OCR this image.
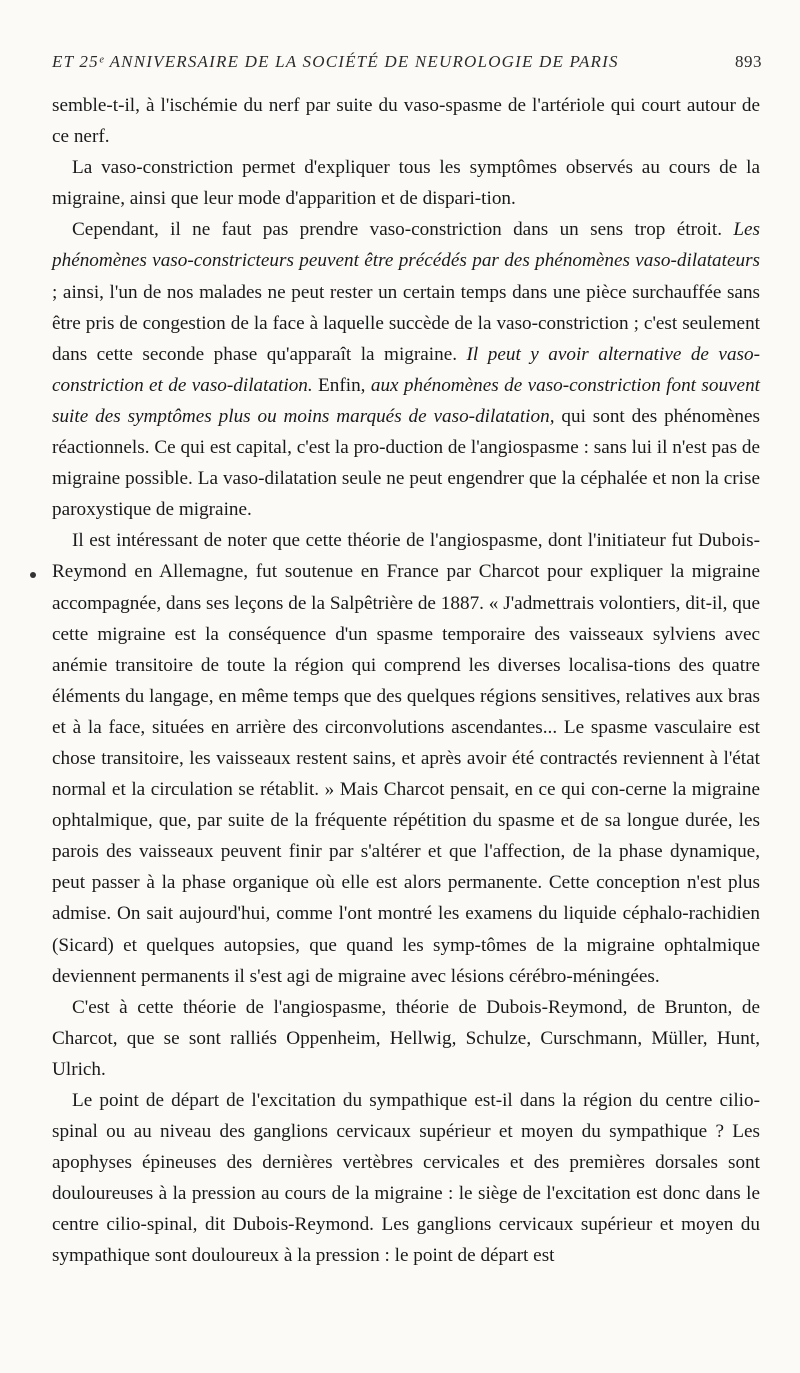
ET 25ᵉ ANNIVERSAIRE DE LA SOCIÉTÉ DE NEUROLOGIE DE PARIS	893

semble-t-il, à l'ischémie du nerf par suite du vaso-spasme de l'artériole qui court autour de ce nerf.

La vaso-constriction permet d'expliquer tous les symptômes observés au cours de la migraine, ainsi que leur mode d'apparition et de dispari-tion.

Cependant, il ne faut pas prendre vaso-constriction dans un sens trop étroit. Les phénomènes vaso-constricteurs peuvent être précédés par des phénomènes vaso-dilatateurs ; ainsi, l'un de nos malades ne peut rester un certain temps dans une pièce surchauffée sans être pris de congestion de la face à laquelle succède de la vaso-constriction ; c'est seulement dans cette seconde phase qu'apparaît la migraine. Il peut y avoir alternative de vaso-constriction et de vaso-dilatation. Enfin, aux phénomènes de vaso-constriction font souvent suite des symptômes plus ou moins marqués de vaso-dilatation, qui sont des phénomènes réactionnels. Ce qui est capital, c'est la pro-duction de l'angiospasme : sans lui il n'est pas de migraine possible. La vaso-dilatation seule ne peut engendrer que la céphalée et non la crise paroxystique de migraine.

Il est intéressant de noter que cette théorie de l'angiospasme, dont l'initiateur fut Dubois-Reymond en Allemagne, fut soutenue en France par Charcot pour expliquer la migraine accompagnée, dans ses leçons de la Salpêtrière de 1887. « J'admettrais volontiers, dit-il, que cette migraine est la conséquence d'un spasme temporaire des vaisseaux sylviens avec anémie transitoire de toute la région qui comprend les diverses localisa-tions des quatre éléments du langage, en même temps que des quelques régions sensitives, relatives aux bras et à la face, situées en arrière des circonvolutions ascendantes... Le spasme vasculaire est chose transitoire, les vaisseaux restent sains, et après avoir été contractés reviennent à l'état normal et la circulation se rétablit. » Mais Charcot pensait, en ce qui con-cerne la migraine ophtalmique, que, par suite de la fréquente répétition du spasme et de sa longue durée, les parois des vaisseaux peuvent finir par s'altérer et que l'affection, de la phase dynamique, peut passer à la phase organique où elle est alors permanente. Cette conception n'est plus admise. On sait aujourd'hui, comme l'ont montré les examens du liquide céphalo-rachidien (Sicard) et quelques autopsies, que quand les symp-tômes de la migraine ophtalmique deviennent permanents il s'est agi de migraine avec lésions cérébro-méningées.

C'est à cette théorie de l'angiospasme, théorie de Dubois-Reymond, de Brunton, de Charcot, que se sont ralliés Oppenheim, Hellwig, Schulze, Curschmann, Müller, Hunt, Ulrich.

Le point de départ de l'excitation du sympathique est-il dans la région du centre cilio-spinal ou au niveau des ganglions cervicaux supérieur et moyen du sympathique ? Les apophyses épineuses des dernières vertèbres cervicales et des premières dorsales sont douloureuses à la pression au cours de la migraine : le siège de l'excitation est donc dans le centre cilio-spinal, dit Dubois-Reymond. Les ganglions cervicaux supérieur et moyen du sympathique sont douloureux à la pression : le point de départ est
